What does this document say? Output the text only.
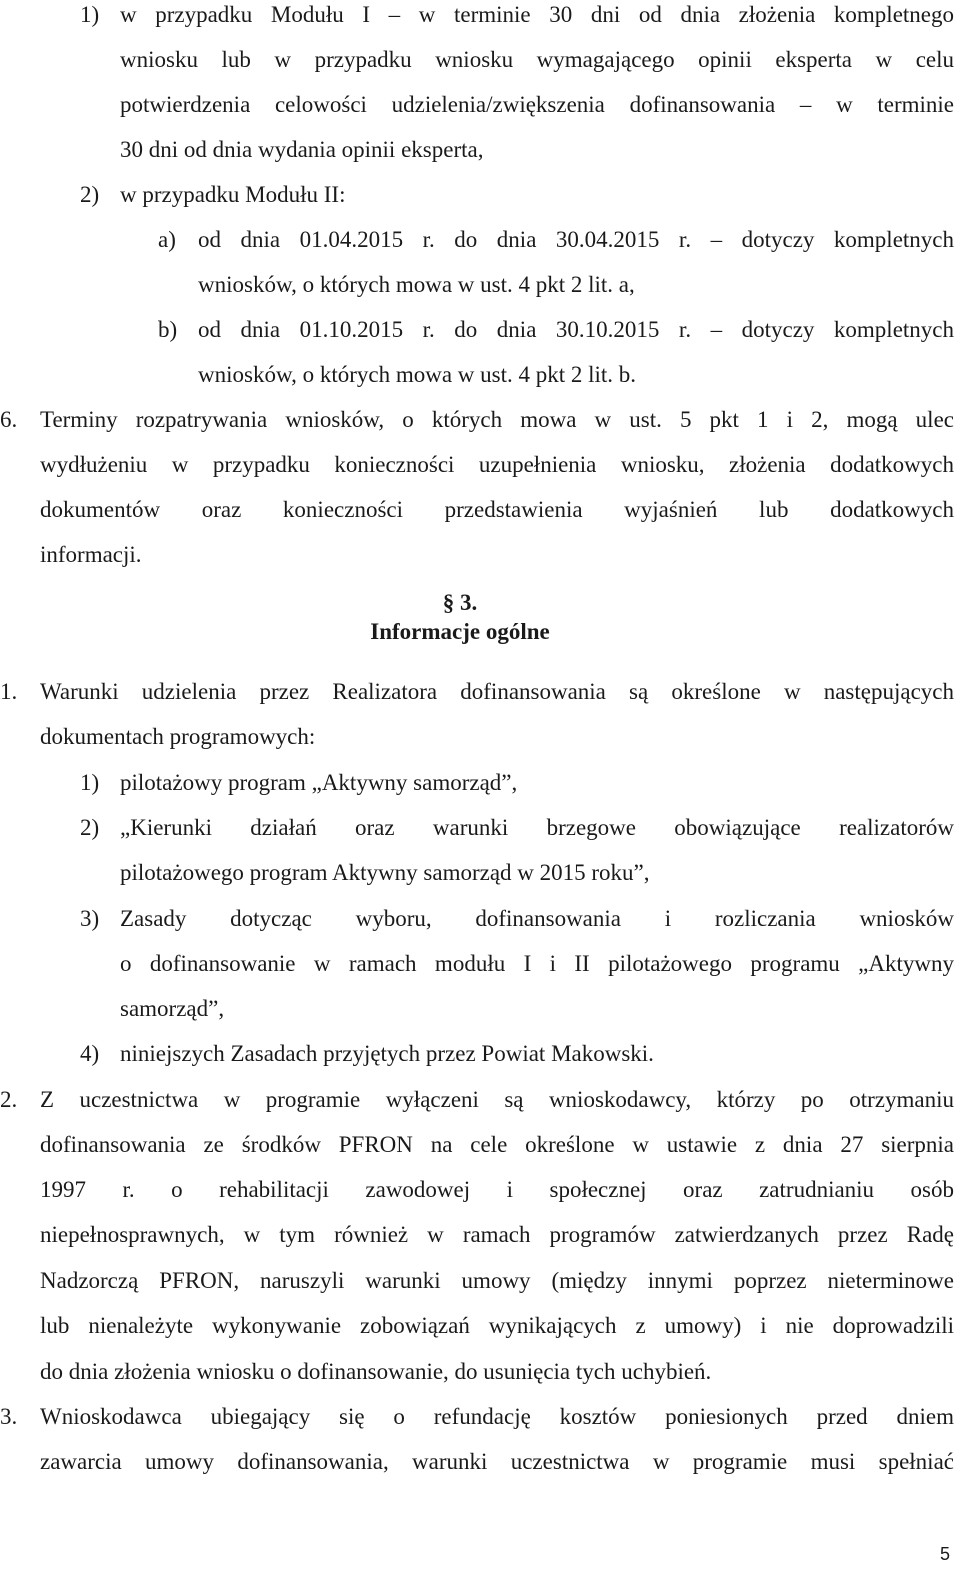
1) w przypadku Modułu I – w terminie 30 dni od dnia złożenia kompletnego
wniosku lub w przypadku wniosku wymagającego opinii eksperta w celu
potwierdzenia celowości udzielenia/zwiększenia dofinansowania – w terminie
30 dni od dnia wydania opinii eksperta,
2) w przypadku Modułu II:
a) od dnia 01.04.2015 r. do dnia 30.04.2015 r. – dotyczy kompletnych
wniosków, o których mowa w ust. 4 pkt 2 lit. a,
b) od dnia 01.10.2015 r. do dnia 30.10.2015 r. – dotyczy kompletnych
wniosków, o których mowa w ust. 4 pkt 2 lit. b.
6. Terminy rozpatrywania wniosków, o których mowa w ust. 5 pkt 1 i 2, mogą ulec
wydłużeniu w przypadku konieczności uzupełnienia wniosku, złożenia dodatkowych
dokumentów oraz konieczności przedstawienia wyjaśnień lub dodatkowych
informacji.
§ 3.
Informacje ogólne
1. Warunki udzielenia przez Realizatora dofinansowania są określone w następujących
dokumentach programowych:
1) pilotażowy program „Aktywny samorząd”,
2) „Kierunki działań oraz warunki brzegowe obowiązujące realizatorów
pilotażowego program Aktywny samorząd w 2015 roku”,
3) Zasady dotycząc wyboru, dofinansowania i rozliczania wniosków
o dofinansowanie w ramach modułu I i II pilotażowego programu „Aktywny
samorząd”,
4) niniejszych Zasadach przyjętych przez Powiat Makowski.
2. Z uczestnictwa w programie wyłączeni są wnioskodawcy, którzy po otrzymaniu
dofinansowania ze środków PFRON na cele określone w ustawie z dnia 27 sierpnia
1997 r. o rehabilitacji zawodowej i społecznej oraz zatrudnianiu osób
niepełnosprawnych, w tym również w ramach programów zatwierdzanych przez Radę
Nadzorczą PFRON, naruszyli warunki umowy (między innymi poprzez nieterminowe
lub nienależyte wykonywanie zobowiązań wynikających z umowy) i nie doprowadzili
do dnia złożenia wniosku o dofinansowanie, do usunięcia tych uchybień.
3. Wnioskodawca ubiegający się o refundację kosztów poniesionych przed dniem
zawarcia umowy dofinansowania, warunki uczestnictwa w programie musi spełniać
5
